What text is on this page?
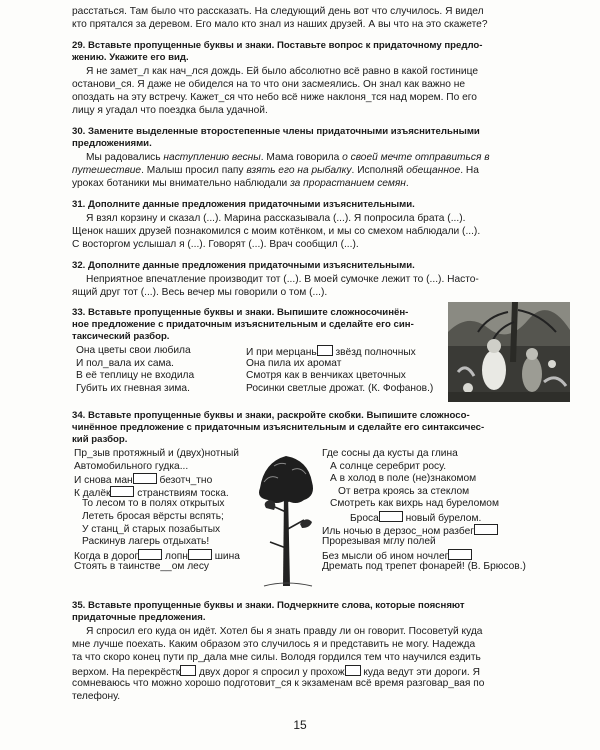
расстаться. Там было что рассказать. На следующий день вот что случилось. Я видел

кто прятался за деревом. Его мало кто знал из наших друзей. А вы что на это скажете?

29. Вставьте пропущенные буквы и знаки. Поставьте вопрос к придаточному предло-

жению. Укажите его вид.

Я не замет_л как нач_лся дождь. Ей было абсолютно всё равно в какой гостинице

останови_ся. Я даже не обиделся на то что они засмеялись. Он знал как важно не

опоздать на эту встречу. Кажет_ся что небо всё ниже наклоня_тся над морем. По его

лицу я угадал что поездка была удачной.

30. Замените выделенные второстепенные члены придаточными изъяснительными

предложениями.

Мы радовались наступлению весны. Мама говорила о своей мечте отправиться в

путешествие. Малыш просил папу взять его на рыбалку. Исполняй обещанное. На

уроках ботаники мы внимательно наблюдали за прорастанием семян.

31. Дополните данные предложения придаточными изъяснительными.

Я взял корзину и сказал (...). Марина рассказывала (...). Я попросила брата (...).

Щенок наших друзей познакомился с моим котёнком, и мы со смехом наблюдали (...).

С восторгом услышал я (...). Говорят (...). Врач сообщил (...).

32. Дополните данные предложения придаточными изъяснительными.

Неприятное впечатление производит тот (...). В моей сумочке лежит то (...). Насто-

ящий друг тот (...). Весь вечер мы говорили о том (...).

33. Вставьте пропущенные буквы и знаки. Выпишите сложносочинён-

ное предложение с придаточным изъяснительным и сделайте его син-

таксический разбор.

Она цветы свои любила
И пол_вала их сама.
В её теплицу не входила
Губить их гневная зима.
И при мерцань звёзд полночных
Она пила их аромат
Смотря как в венчиках цветочных
Росинки светлые дрожат. (К. Фофанов.)

34. Вставьте пропущенные буквы и знаки, раскройте скобки. Выпишите сложносо-

чинённое предложение с придаточным изъяснительным и сделайте его синтаксичес-

кий разбор.

Пр_зыв протяжный и (двух)нотный
Автомобильного гудка...
И снова ман безотч_тно
К далёк странствиям тоска.
То лесом то в полях открытых
Лететь бросая вёрсты вспять;
У станц_й старых позабытых
Раскинув лагерь отдыхать!
Когда в дорог лопн шина
Стоять в таинстве__ом лесу
Где сосны да кусты да глина
А солнце серебрит росу.
А в холод в поле (не)знакомом
От ветра кроясь за стеклом
Смотреть как вихрь над буреломом
Броса новый бурелом.
Иль ночью в дерзос_ном разбег
Прорезывая мглу полей
Без мысли об ином ночлег
Дремать под трепет фонарей! (В. Брюсов.)

35. Вставьте пропущенные буквы и знаки. Подчеркните слова, которые поясняют

придаточные предложения.

Я спросил его куда он идёт. Хотел бы я знать правду ли он говорит. Посоветуй куда

мне лучше поехать. Каким образом это случилось я и представить не могу. Надежда

та что скоро конец пути пр_дала мне силы. Володя гордился тем что научился ездить

верхом. На перекрёстк двух дорог я спросил у прохож куда ведут эти дороги. Я

сомневаюсь что можно хорошо подготовит_ся к экзаменам всё время разговар_вая по

телефону.

15
